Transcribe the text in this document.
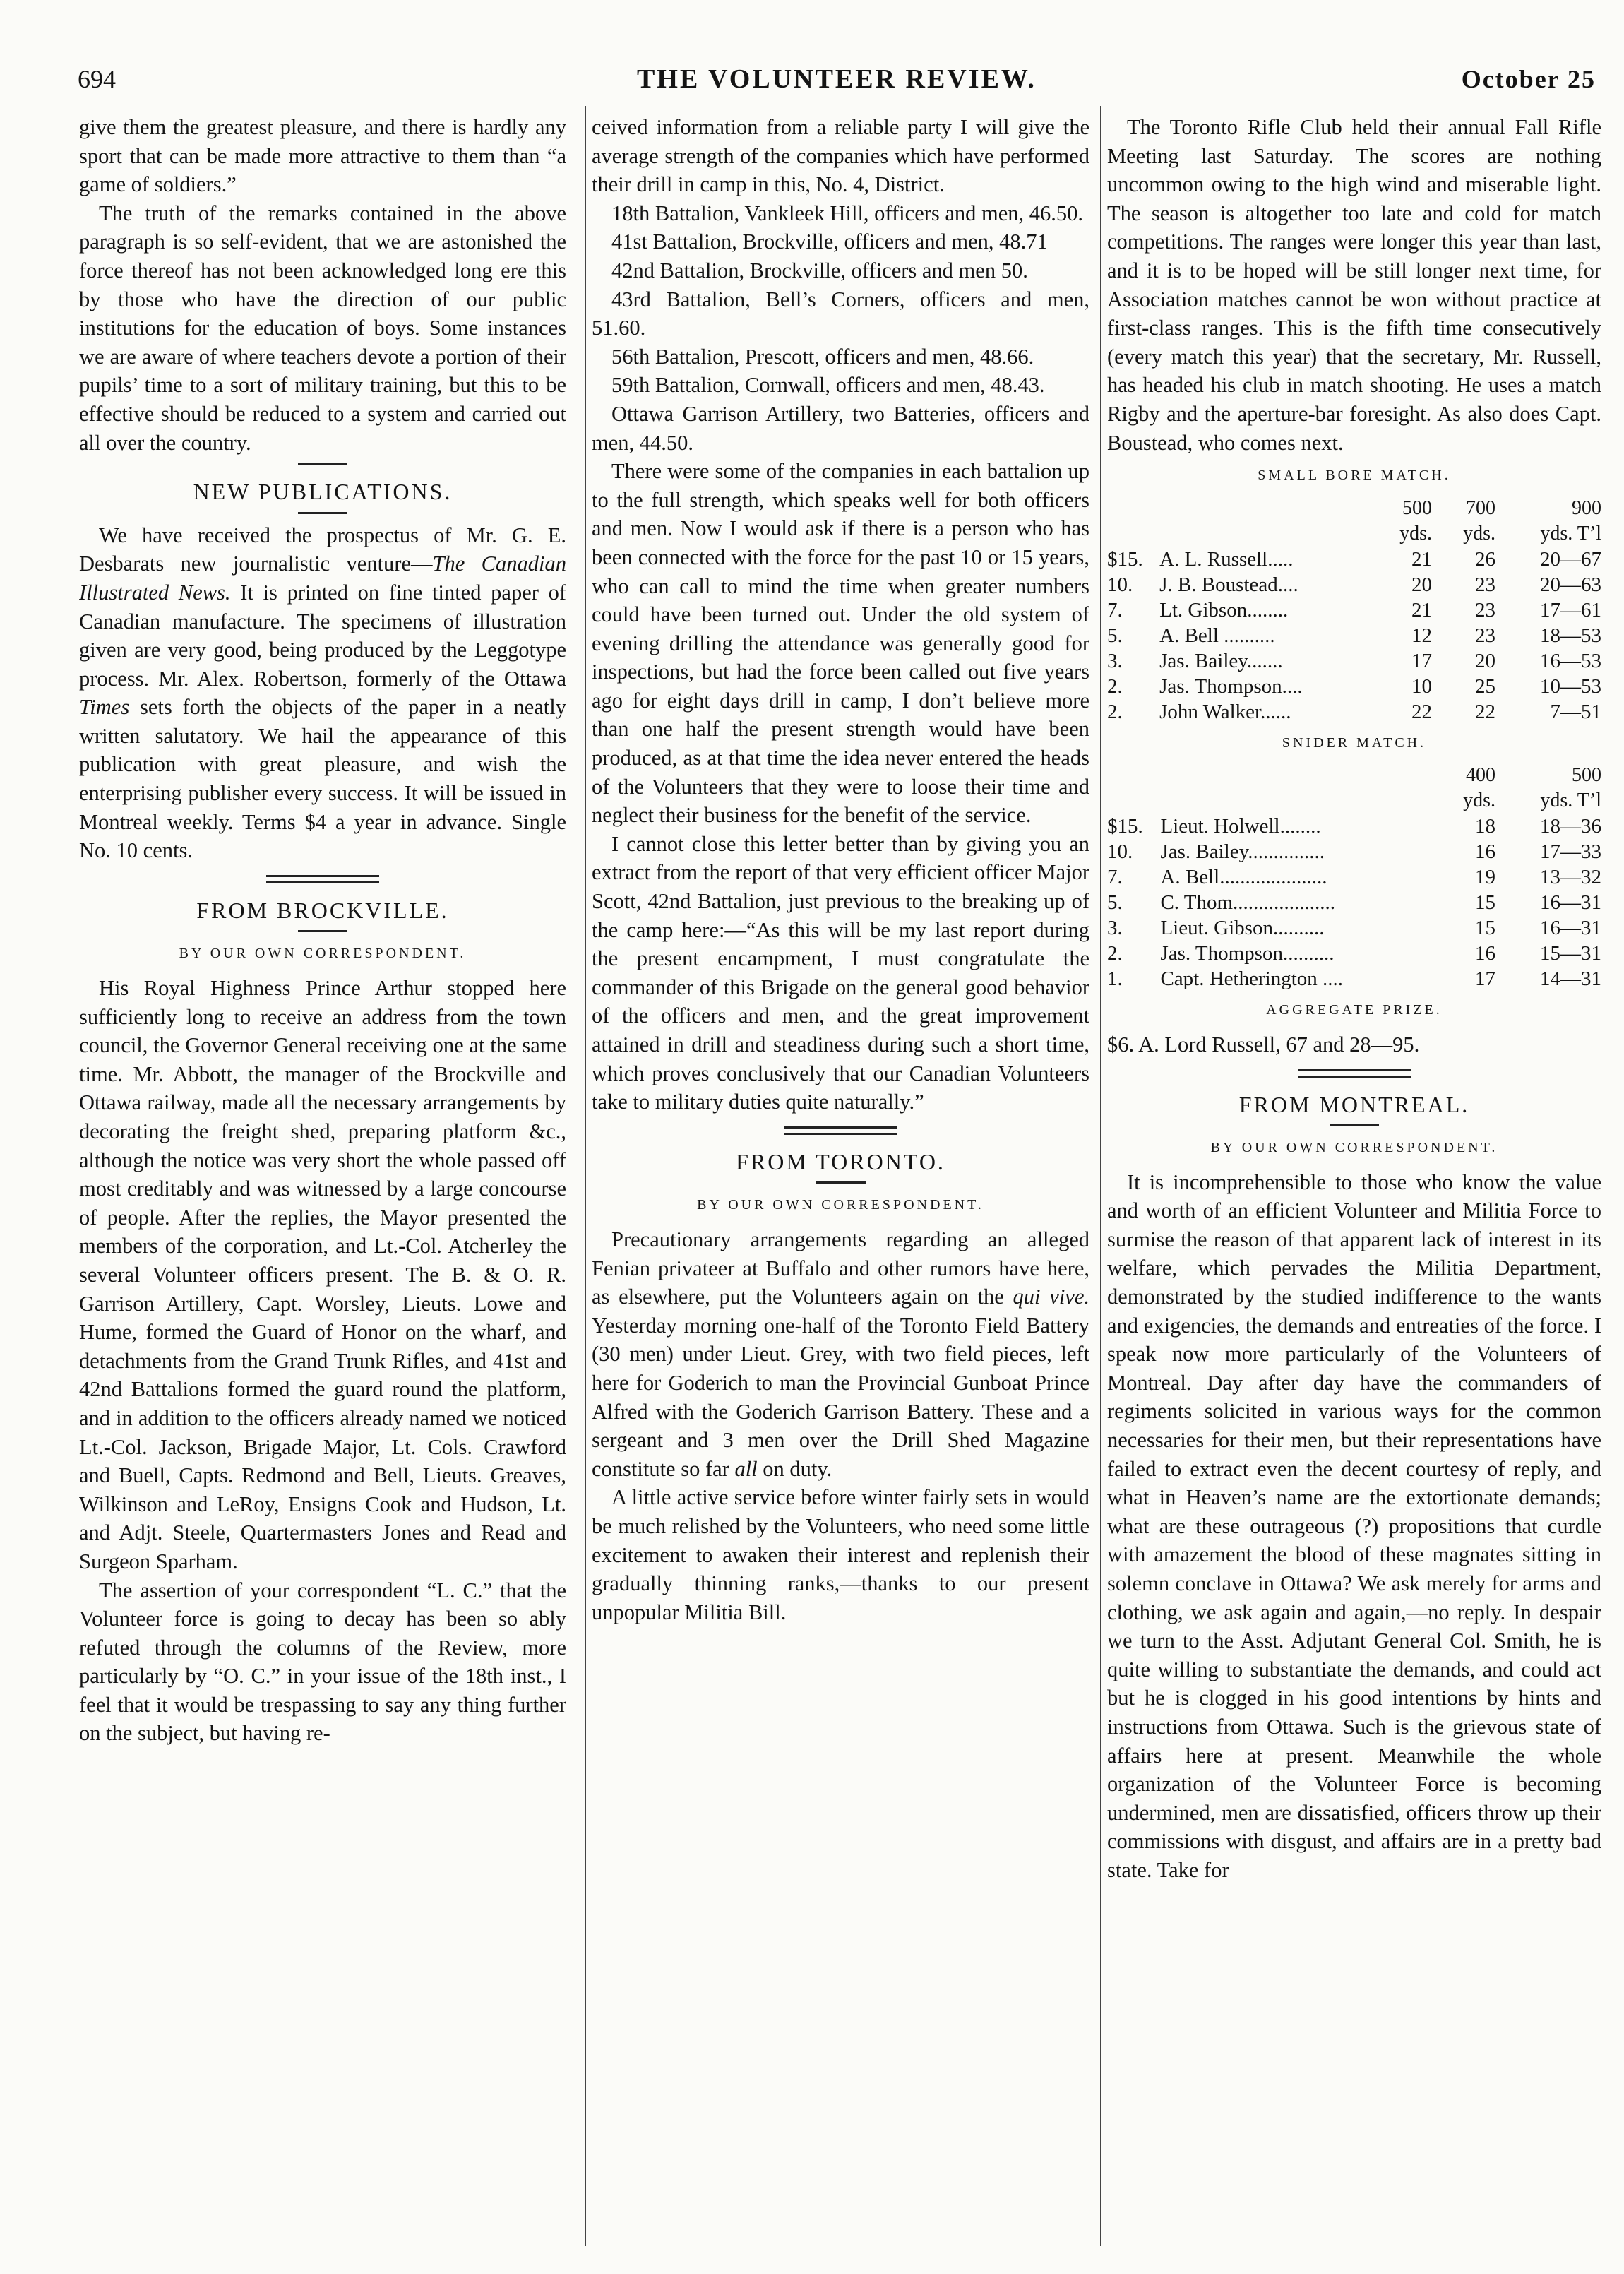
694	THE VOLUNTEER REVIEW.	October 25

give them the greatest pleasure, and there is hardly any sport that can be made more attractive to them than “a game of soldiers.”

The truth of the remarks contained in the above paragraph is so self-evident, that we are astonished the force thereof has not been acknowledged long ere this by those who have the direction of our public institutions for the education of boys. Some instances we are aware of where teachers devote a portion of their pupils’ time to a sort of military training, but this to be effective should be reduced to a system and carried out all over the country.

NEW PUBLICATIONS.

We have received the prospectus of Mr. G. E. Desbarats new journalistic venture—The Canadian Illustrated News. It is printed on fine tinted paper of Canadian manufacture. The specimens of illustration given are very good, being produced by the Leggotype process. Mr. Alex. Robertson, formerly of the Ottawa Times sets forth the objects of the paper in a neatly written salutatory. We hail the appearance of this publication with great pleasure, and wish the enterprising publisher every success. It will be issued in Montreal weekly. Terms $4 a year in advance. Single No. 10 cents.

FROM BROCKVILLE.
BY OUR OWN CORRESPONDENT.

His Royal Highness Prince Arthur stopped here sufficiently long to receive an address from the town council, the Governor General receiving one at the same time. Mr. Abbott, the manager of the Brockville and Ottawa railway, made all the necessary arrangements by decorating the freight shed, preparing platform &c., although the notice was very short the whole passed off most creditably and was witnessed by a large concourse of people. After the replies, the Mayor presented the members of the corporation, and Lt.-Col. Atcherley the several Volunteer officers present. The B. & O. R. Garrison Artillery, Capt. Worsley, Lieuts. Lowe and Hume, formed the Guard of Honor on the wharf, and detachments from the Grand Trunk Rifles, and 41st and 42nd Battalions formed the guard round the platform, and in addition to the officers already named we noticed Lt.-Col. Jackson, Brigade Major, Lt. Cols. Crawford and Buell, Capts. Redmond and Bell, Lieuts. Greaves, Wilkinson and LeRoy, Ensigns Cook and Hudson, Lt. and Adjt. Steele, Quartermasters Jones and Read and Surgeon Sparham.

The assertion of your correspondent “L. C.” that the Volunteer force is going to decay has been so ably refuted through the columns of the Review, more particularly by “O. C.” in your issue of the 18th inst., I feel that it would be trespassing to say any thing further on the subject, but having re-

ceived information from a reliable party I will give the average strength of the companies which have performed their drill in camp in this, No. 4, District.

18th Battalion, Vankleek Hill, officers and men, 46.50.

41st Battalion, Brockville, officers and men, 48.71

42nd Battalion, Brockville, officers and men 50.

43rd Battalion, Bell’s Corners, officers and men, 51.60.

56th Battalion, Prescott, officers and men, 48.66.

59th Battalion, Cornwall, officers and men, 48.43.

Ottawa Garrison Artillery, two Batteries, officers and men, 44.50.

There were some of the companies in each battalion up to the full strength, which speaks well for both officers and men. Now I would ask if there is a person who has been connected with the force for the past 10 or 15 years, who can call to mind the time when greater numbers could have been turned out. Under the old system of evening drilling the attendance was generally good for inspections, but had the force been called out five years ago for eight days drill in camp, I don’t believe more than one half the present strength would have been produced, as at that time the idea never entered the heads of the Volunteers that they were to loose their time and neglect their business for the benefit of the service.

I cannot close this letter better than by giving you an extract from the report of that very efficient officer Major Scott, 42nd Battalion, just previous to the breaking up of the camp here:—“As this will be my last report during the present encampment, I must congratulate the commander of this Brigade on the general good behavior of the officers and men, and the great improvement attained in drill and steadiness during such a short time, which proves conclusively that our Canadian Volunteers take to military duties quite naturally.”

FROM TORONTO.
BY OUR OWN CORRESPONDENT.

Precautionary arrangements regarding an alleged Fenian privateer at Buffalo and other rumors have here, as elsewhere, put the Volunteers again on the qui vive. Yesterday morning one-half of the Toronto Field Battery (30 men) under Lieut. Grey, with two field pieces, left here for Goderich to man the Provincial Gunboat Prince Alfred with the Goderich Garrison Battery. These and a sergeant and 3 men over the Drill Shed Magazine constitute so far all on duty.

A little active service before winter fairly sets in would be much relished by the Volunteers, who need some little excitement to awaken their interest and replenish their gradually thinning ranks,—thanks to our present unpopular Militia Bill.

The Toronto Rifle Club held their annual Fall Rifle Meeting last Saturday. The scores are nothing uncommon owing to the high wind and miserable light. The season is altogether too late and cold for match competitions. The ranges were longer this year than last, and it is to be hoped will be still longer next time, for Association matches cannot be won without practice at first-class ranges. This is the fifth time consecutively (every match this year) that the secretary, Mr. Russell, has headed his club in match shooting. He uses a match Rigby and the aperture-bar foresight. As also does Capt. Boustead, who comes next.

SMALL BORE MATCH.
		500	700	900
		yds.	yds.	yds. T’l
$15.	A. L. Russell.....	21	26	20—67
10.	J. B. Boustead....	20	23	20—63
7.	Lt. Gibson........	21	23	17—61
5.	A. Bell ..........	12	23	18—53
3.	Jas. Bailey.......	17	20	16—53
2.	Jas. Thompson....	10	25	10—53
2.	John Walker......	22	22	7—51
SNIDER MATCH.
		400	500
		yds.	yds. T’l
$15.	Lieut. Holwell........	18	18—36
10.	Jas. Bailey...............	16	17—33
7.	A. Bell.....................	19	13—32
5.	C. Thom....................	15	16—31
3.	Lieut. Gibson..........	15	16—31
2.	Jas. Thompson..........	16	15—31
1.	Capt. Hetherington ....	17	14—31
AGGREGATE PRIZE.

$6. A. Lord Russell, 67 and 28—95.

FROM MONTREAL.
BY OUR OWN CORRESPONDENT.

It is incomprehensible to those who know the value and worth of an efficient Volunteer and Militia Force to surmise the reason of that apparent lack of interest in its welfare, which pervades the Militia Department, demonstrated by the studied indifference to the wants and exigencies, the demands and entreaties of the force. I speak now more particularly of the Volunteers of Montreal. Day after day have the commanders of regiments solicited in various ways for the common necessaries for their men, but their representations have failed to extract even the decent courtesy of reply, and what in Heaven’s name are the extortionate demands; what are these outrageous (?) propositions that curdle with amazement the blood of these magnates sitting in solemn conclave in Ottawa? We ask merely for arms and clothing, we ask again and again,—no reply. In despair we turn to the Asst. Adjutant General Col. Smith, he is quite willing to substantiate the demands, and could act but he is clogged in his good intentions by hints and instructions from Ottawa. Such is the grievous state of affairs here at present. Meanwhile the whole organization of the Volunteer Force is becoming undermined, men are dissatisfied, officers throw up their commissions with disgust, and affairs are in a pretty bad state. Take for
